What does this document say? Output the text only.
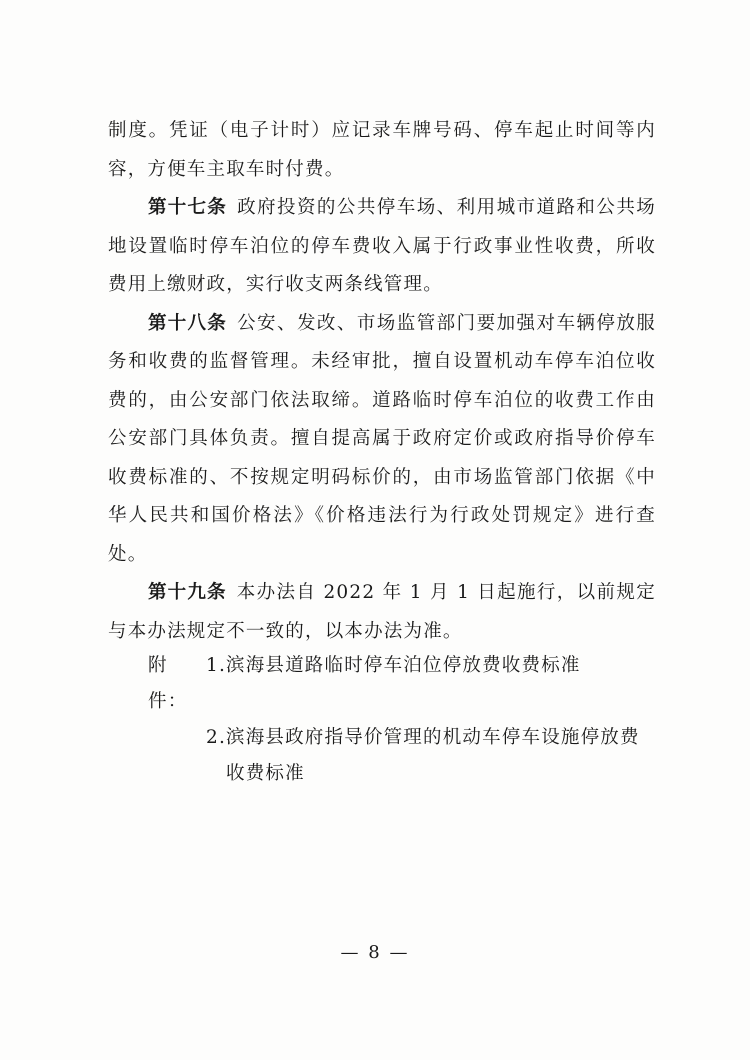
制度。凭证（电子计时）应记录车牌号码、停车起止时间等内容，方便车主取车时付费。

第十七条 政府投资的公共停车场、利用城市道路和公共场地设置临时停车泊位的停车费收入属于行政事业性收费，所收费用上缴财政，实行收支两条线管理。

第十八条 公安、发改、市场监管部门要加强对车辆停放服务和收费的监督管理。未经审批，擅自设置机动车停车泊位收费的，由公安部门依法取缔。道路临时停车泊位的收费工作由公安部门具体负责。擅自提高属于政府定价或政府指导价停车收费标准的、不按规定明码标价的，由市场监管部门依据《中华人民共和国价格法》《价格违法行为行政处罚规定》进行查处。

第十九条 本办法自 2022 年 1 月 1 日起施行，以前规定与本办法规定不一致的，以本办法为准。

附件：
1. 滨海县道路临时停车泊位停放费收费标准
2. 滨海县政府指导价管理的机动车停车设施停放费收费标准
— 8 —
